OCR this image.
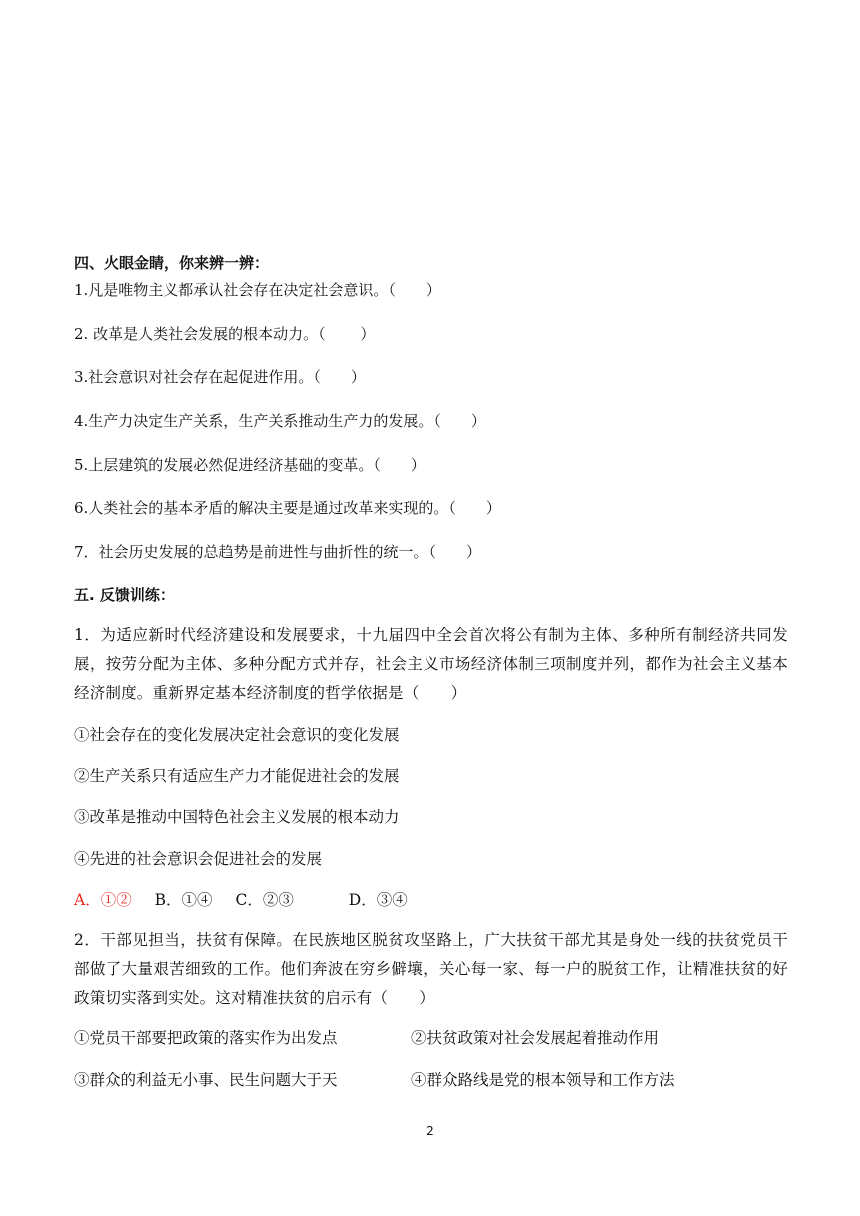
四、火眼金睛，你来辨一辨：
1.凡是唯物主义都承认社会存在决定社会意识。（　　）
2. 改革是人类社会发展的根本动力。（　　 ）
3.社会意识对社会存在起促进作用。（　　）
4.生产力决定生产关系，生产关系推动生产力的发展。（　　）
5.上层建筑的发展必然促进经济基础的变革。（　　）
6.人类社会的基本矛盾的解决主要是通过改革来实现的。（　　）
7．社会历史发展的总趋势是前进性与曲折性的统一。（　　）
五. 反馈训练：
1．为适应新时代经济建设和发展要求，十九届四中全会首次将公有制为主体、多种所有制经济共同发展，按劳分配为主体、多种分配方式并存，社会主义市场经济体制三项制度并列，都作为社会主义基本经济制度。重新界定基本经济制度的哲学依据是（　　）
①社会存在的变化发展决定社会意识的变化发展
②生产关系只有适应生产力才能促进社会的发展
③改革是推动中国特色社会主义发展的根本动力
④先进的社会意识会促进社会的发展
A．①② B．①④ C．②③	D．③④
2．干部见担当，扶贫有保障。在民族地区脱贫攻坚路上，广大扶贫干部尤其是身处一线的扶贫党员干部做了大量艰苦细致的工作。他们奔波在穷乡僻壤，关心每一家、每一户的脱贫工作，让精准扶贫的好政策切实落到实处。这对精准扶贫的启示有（　　）
①党员干部要把政策的落实作为出发点	②扶贫政策对社会发展起着推动作用
③群众的利益无小事、民生问题大于天	④群众路线是党的根本领导和工作方法
2
